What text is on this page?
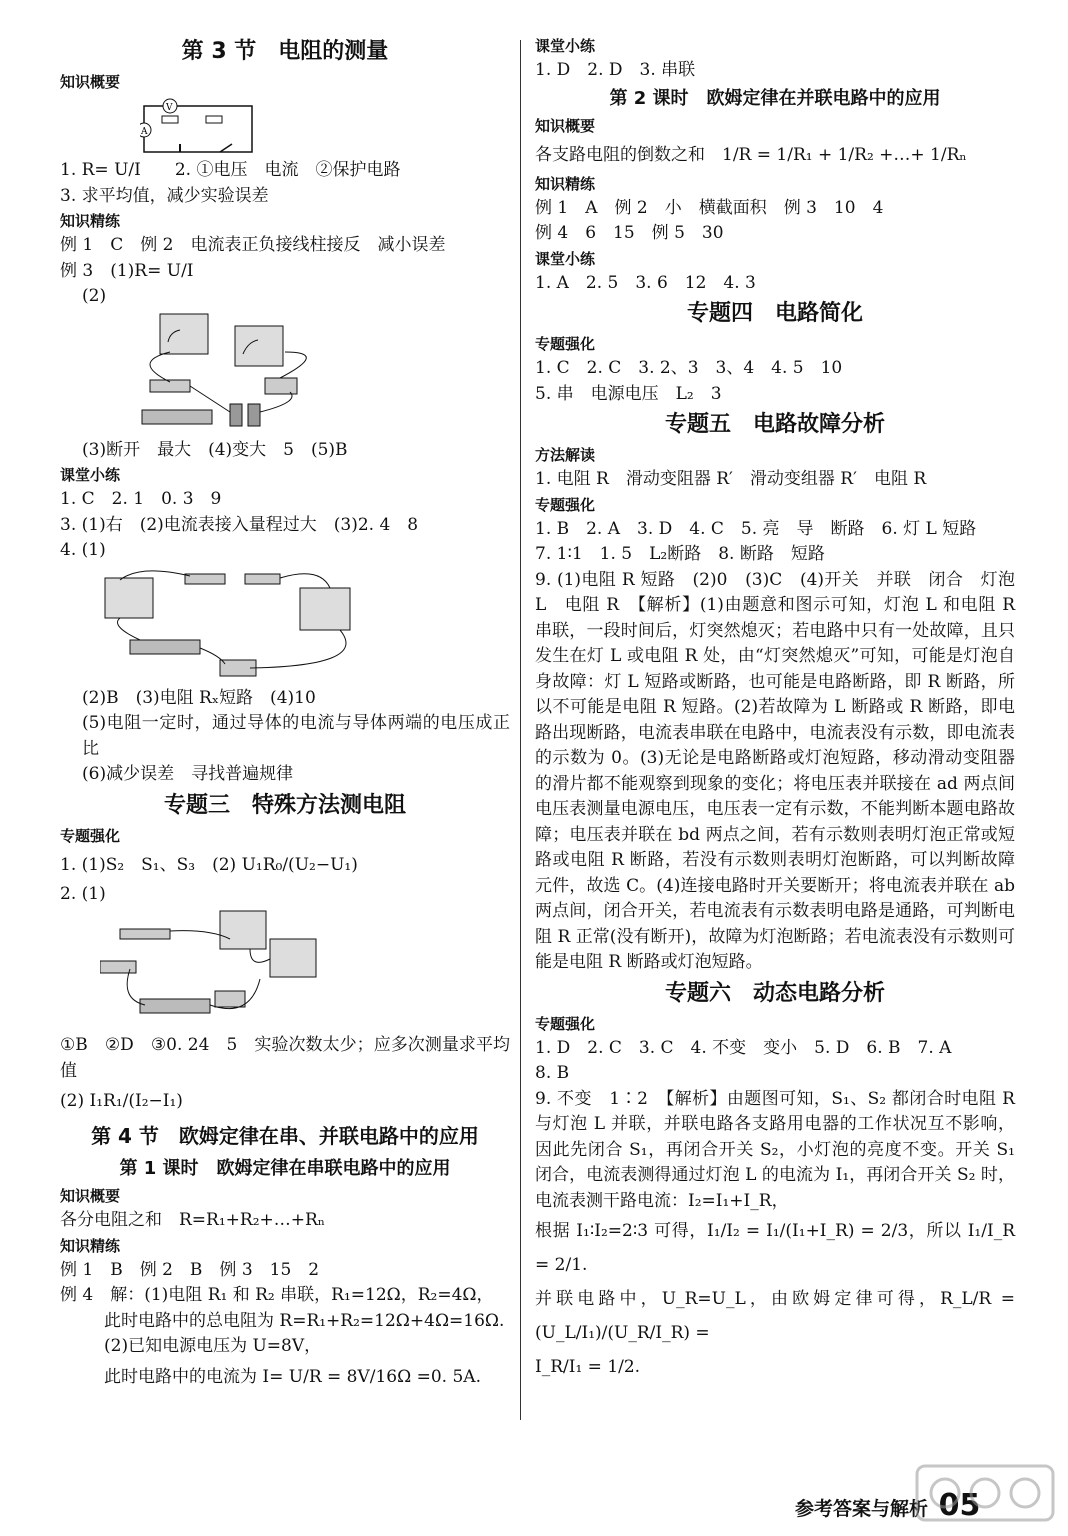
第 3 节　电阻的测量
知识概要
V
A
1. R= U/I　　2. ①电压　电流　②保护电路
3. 求平均值，减少实验误差
知识精练
例 1　C　例 2　电流表正负接线柱接反　减小误差
例 3　(1)R= U/I
(2)
(3)断开　最大　(4)变大　5　(5)B
课堂小练
1. C　2. 1　0. 3　9
3. (1)右　(2)电流表接入量程过大　(3)2. 4　8
4. (1)
(2)B　(3)电阻 Rₓ短路　(4)10
(5)电阻一定时，通过导体的电流与导体两端的电压成正比
(6)减少误差　寻找普遍规律
专题三　特殊方法测电阻
专题强化
1. (1)S₂　S₁、S₃　(2) U₁R₀/(U₂−U₁)
2. (1)
①B　②D　③0. 24　5　实验次数太少；应多次测量求平均值
(2) I₁R₁/(I₂−I₁)
第 4 节　欧姆定律在串、并联电路中的应用
第 1 课时　欧姆定律在串联电路中的应用
知识概要
各分电阻之和　R=R₁+R₂+…+Rₙ
知识精练
例 1　B　例 2　B　例 3　15　2
例 4　解：(1)电阻 R₁ 和 R₂ 串联，R₁=12Ω，R₂=4Ω，
此时电路中的总电阻为 R=R₁+R₂=12Ω+4Ω=16Ω.
(2)已知电源电压为 U=8V，
此时电路中的电流为 I= U/R = 8V/16Ω =0. 5A.
课堂小练
1. D　2. D　3. 串联
第 2 课时　欧姆定律在并联电路中的应用
知识概要
各支路电阻的倒数之和　1/R = 1/R₁ + 1/R₂ +…+ 1/Rₙ
知识精练
例 1　A　例 2　小　横截面积　例 3　10　4
例 4　6　15　例 5　30
课堂小练
1. A　2. 5　3. 6　12　4. 3
专题四　电路简化
专题强化
1. C　2. C　3. 2、3　3、4　4. 5　10
5. 串　电源电压　L₂　3
专题五　电路故障分析
方法解读
1. 电阻 R　滑动变阻器 R′　滑动变组器 R′　电阻 R
专题强化
1. B　2. A　3. D　4. C　5. 亮　导　断路　6. 灯 L 短路
7. 1∶1　1. 5　L₂断路　8. 断路　短路
9. (1)电阻 R 短路　(2)0　(3)C　(4)开关　并联　闭合　灯泡 L　电阻 R　【解析】(1)由题意和图示可知，灯泡 L 和电阻 R 串联，一段时间后，灯突然熄灭；若电路中只有一处故障，且只发生在灯 L 或电阻 R 处，由“灯突然熄灭”可知，可能是灯泡自身故障：灯 L 短路或断路，也可能是电路断路，即 R 断路，所以不可能是电阻 R 短路。(2)若故障为 L 断路或 R 断路，即电路出现断路，电流表串联在电路中，电流表没有示数，即电流表的示数为 0。(3)无论是电路断路或灯泡短路，移动滑动变阻器的滑片都不能观察到现象的变化；将电压表并联接在 ad 两点间电压表测量电源电压，电压表一定有示数，不能判断本题电路故障；电压表并联在 bd 两点之间，若有示数则表明灯泡正常或短路或电阻 R 断路，若没有示数则表明灯泡断路，可以判断故障元件，故选 C。(4)连接电路时开关要断开；将电流表并联在 ab 两点间，闭合开关，若电流表有示数表明电路是通路，可判断电阻 R 正常(没有断开)，故障为灯泡断路；若电流表没有示数则可能是电阻 R 断路或灯泡短路。
专题六　动态电路分析
专题强化
1. D　2. C　3. C　4. 不变　变小　5. D　6. B　7. A
8. B
9. 不变　1∶2　【解析】由题图可知，S₁、S₂ 都闭合时电阻 R 与灯泡 L 并联，并联电路各支路用电器的工作状况互不影响，因此先闭合 S₁，再闭合开关 S₂，小灯泡的亮度不变。开关 S₁ 闭合，电流表测得通过灯泡 L 的电流为 I₁，再闭合开关 S₂ 时，电流表测干路电流：I₂=I₁+I_R，
根据 I₁∶I₂=2∶3 可得，I₁/I₂ = I₁/(I₁+I_R) = 2/3，所以 I₁/I_R = 2/1.
并联电路中，U_R=U_L，由欧姆定律可得，R_L/R = (U_L/I₁)/(U_R/I_R) =
I_R/I₁ = 1/2.
参考答案与解析 05
